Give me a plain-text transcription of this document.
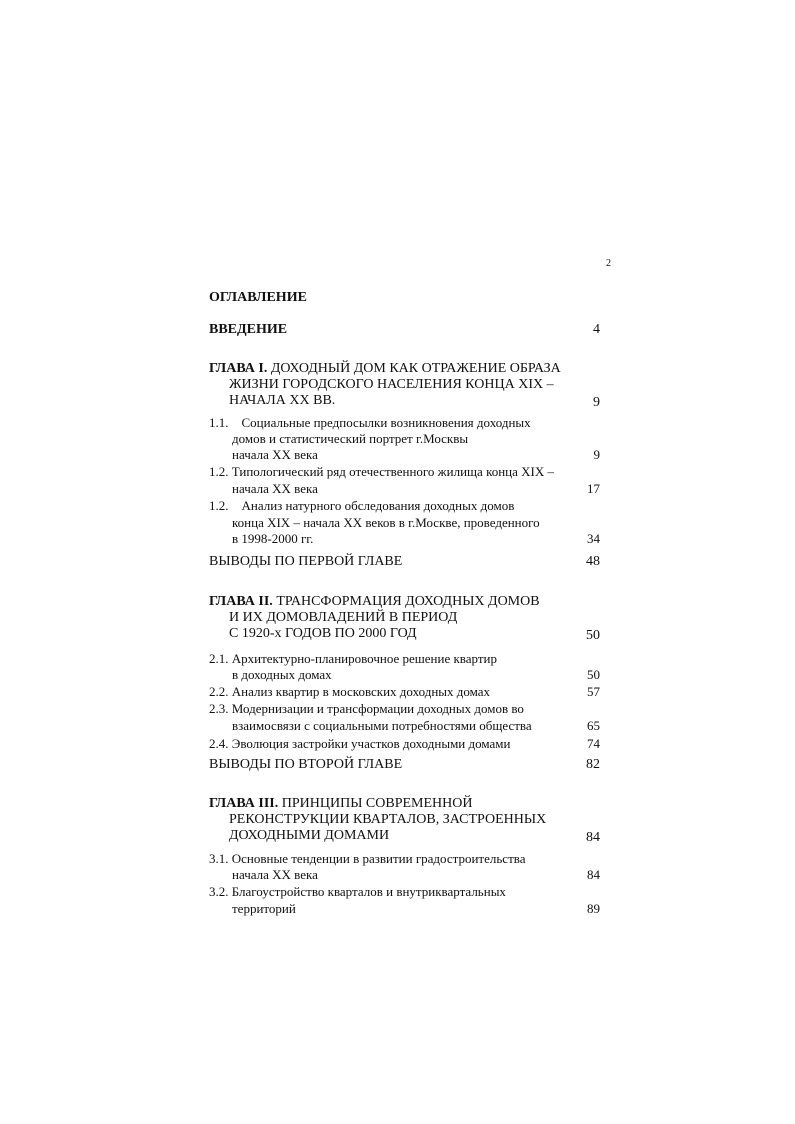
2
ОГЛАВЛЕНИЕ
ВВЕДЕНИЕ	4
ГЛАВА I. ДОХОДНЫЙ ДОМ КАК ОТРАЖЕНИЕ ОБРАЗА
ЖИЗНИ ГОРОДСКОГО НАСЕЛЕНИЯ КОНЦА XIX –
НАЧАЛА XX ВВ.	9
1.1. Социальные предпосылки возникновения доходных
домов и статистический портрет г.Москвы
начала XX века	9
1.2. Типологический ряд отечественного жилища конца XIX –
начала XX века	17
1.2. Анализ натурного обследования доходных домов
конца XIX – начала XX веков в г.Москве, проведенного
в 1998-2000 гг.	34
ВЫВОДЫ ПО ПЕРВОЙ ГЛАВЕ	48
ГЛАВА II. ТРАНСФОРМАЦИЯ ДОХОДНЫХ ДОМОВ
И ИХ ДОМОВЛАДЕНИЙ В ПЕРИОД
С 1920-х ГОДОВ ПО 2000 ГОД	50
2.1. Архитектурно-планировочное решение квартир
в доходных домах	50
2.2. Анализ квартир в московских доходных домах	57
2.3. Модернизации и трансформации доходных домов во
взаимосвязи с социальными потребностями общества	65
2.4. Эволюция застройки участков доходными домами	74
ВЫВОДЫ ПО ВТОРОЙ ГЛАВЕ	82
ГЛАВА III. ПРИНЦИПЫ СОВРЕМЕННОЙ
РЕКОНСТРУКЦИИ КВАРТАЛОВ, ЗАСТРОЕННЫХ
ДОХОДНЫМИ ДОМАМИ	84
3.1. Основные тенденции в развитии градостроительства
начала XX века	84
3.2. Благоустройство кварталов и внутриквартальных
территорий	89
